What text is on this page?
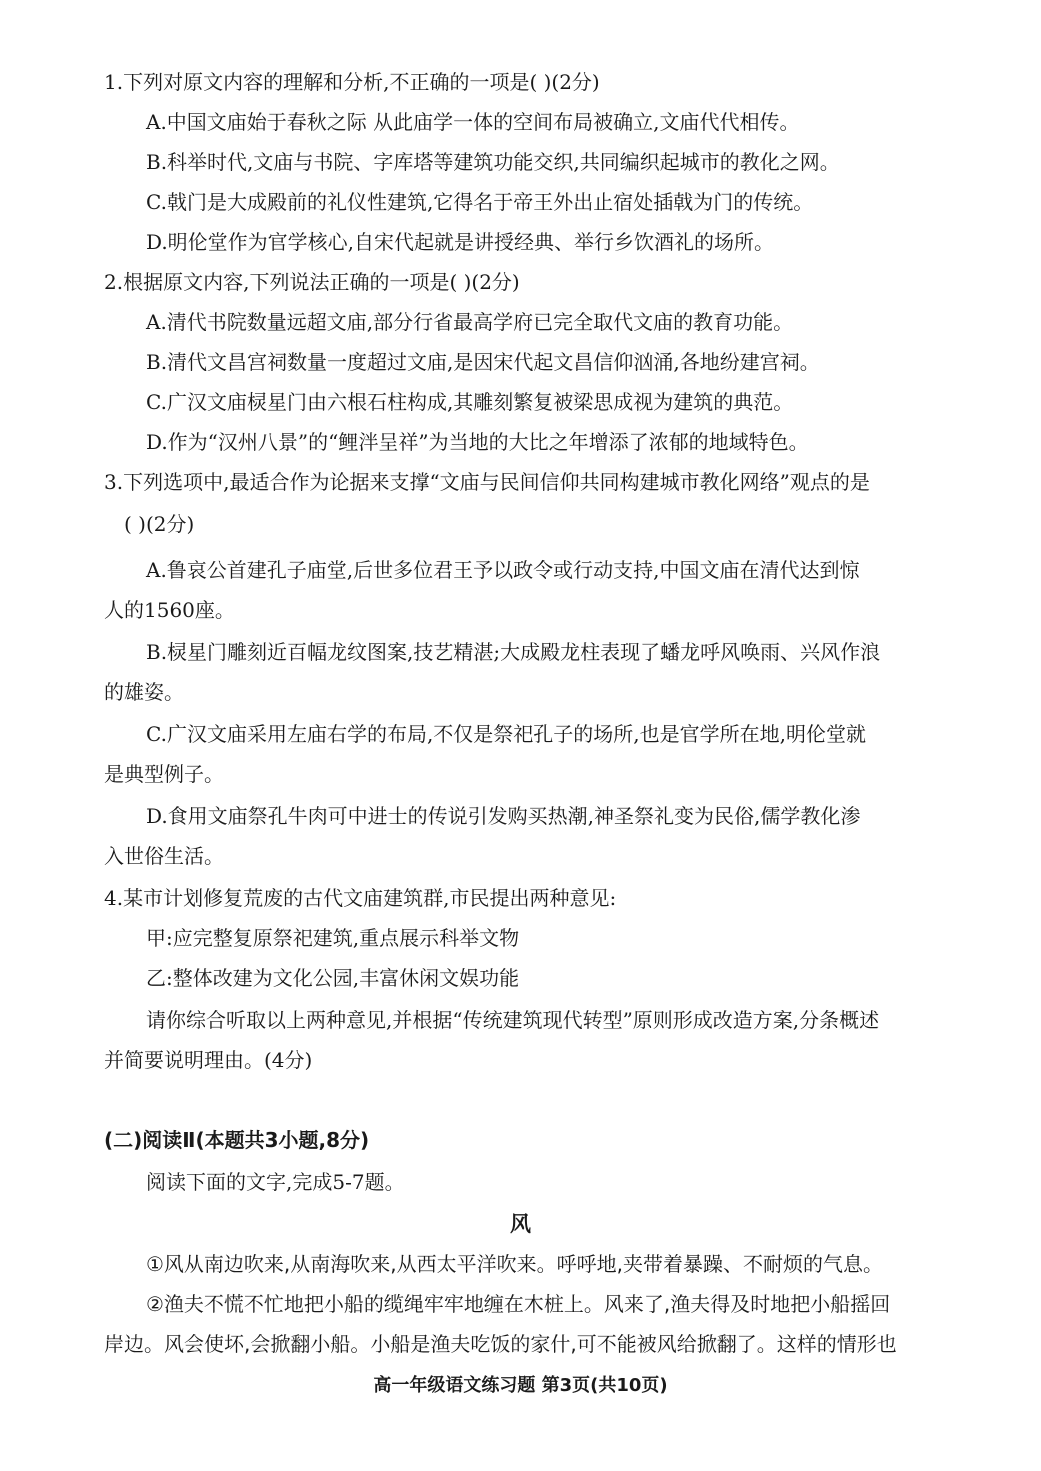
1.下列对原文内容的理解和分析,不正确的一项是( )(2分)
A.中国文庙始于春秋之际 从此庙学一体的空间布局被确立,文庙代代相传。
B.科举时代,文庙与书院、字库塔等建筑功能交织,共同编织起城市的教化之网。
C.戟门是大成殿前的礼仪性建筑,它得名于帝王外出止宿处插戟为门的传统。
D.明伦堂作为官学核心,自宋代起就是讲授经典、举行乡饮酒礼的场所。
2.根据原文内容,下列说法正确的一项是( )(2分)
A.清代书院数量远超文庙,部分行省最高学府已完全取代文庙的教育功能。
B.清代文昌宫祠数量一度超过文庙,是因宋代起文昌信仰汹涌,各地纷建宫祠。
C.广汉文庙棂星门由六根石柱构成,其雕刻繁复被梁思成视为建筑的典范。
D.作为“汉州八景”的“鲤泮呈祥”为当地的大比之年增添了浓郁的地域特色。
3.下列选项中,最适合作为论据来支撑“文庙与民间信仰共同构建城市教化网络”观点的是
( )(2分)
A.鲁哀公首建孔子庙堂,后世多位君王予以政令或行动支持,中国文庙在清代达到惊
人的1560座。
B.棂星门雕刻近百幅龙纹图案,技艺精湛;大成殿龙柱表现了蟠龙呼风唤雨、兴风作浪
的雄姿。
C.广汉文庙采用左庙右学的布局,不仅是祭祀孔子的场所,也是官学所在地,明伦堂就
是典型例子。
D.食用文庙祭孔牛肉可中进士的传说引发购买热潮,神圣祭礼变为民俗,儒学教化渗
入世俗生活。
4.某市计划修复荒废的古代文庙建筑群,市民提出两种意见:
甲:应完整复原祭祀建筑,重点展示科举文物
乙:整体改建为文化公园,丰富休闲文娱功能
请你综合听取以上两种意见,并根据“传统建筑现代转型”原则形成改造方案,分条概述
并简要说明理由。(4分)
(二)阅读Ⅱ(本题共3小题,8分)
阅读下面的文字,完成5-7题。
风
①风从南边吹来,从南海吹来,从西太平洋吹来。呼呼地,夹带着暴躁、不耐烦的气息。
②渔夫不慌不忙地把小船的缆绳牢牢地缠在木桩上。风来了,渔夫得及时地把小船摇回
岸边。风会使坏,会掀翻小船。小船是渔夫吃饭的家什,可不能被风给掀翻了。这样的情形也
高一年级语文练习题 第3页(共10页)
